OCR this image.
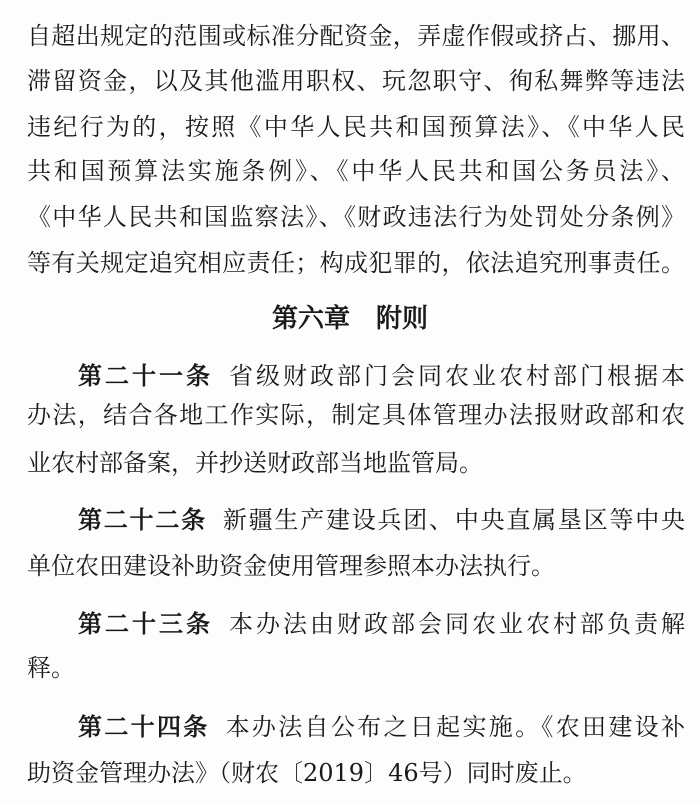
自超出规定的范围或标准分配资金，弄虚作假或挤占、挪用、
滞留资金，以及其他滥用职权、玩忽职守、徇私舞弊等违法
违纪行为的，按照《中华人民共和国预算法》、《中华人民
共和国预算法实施条例》、《中华人民共和国公务员法》、
《中华人民共和国监察法》、《财政违法行为处罚处分条例》
等有关规定追究相应责任；构成犯罪的，依法追究刑事责任。
第六章　附则
第二十一条 省级财政部门会同农业农村部门根据本
办法，结合各地工作实际，制定具体管理办法报财政部和农
业农村部备案，并抄送财政部当地监管局。
第二十二条 新疆生产建设兵团、中央直属垦区等中央
单位农田建设补助资金使用管理参照本办法执行。
第二十三条 本办法由财政部会同农业农村部负责解
释。
第二十四条 本办法自公布之日起实施。《农田建设补
助资金管理办法》（财农〔2019〕46号）同时废止。
